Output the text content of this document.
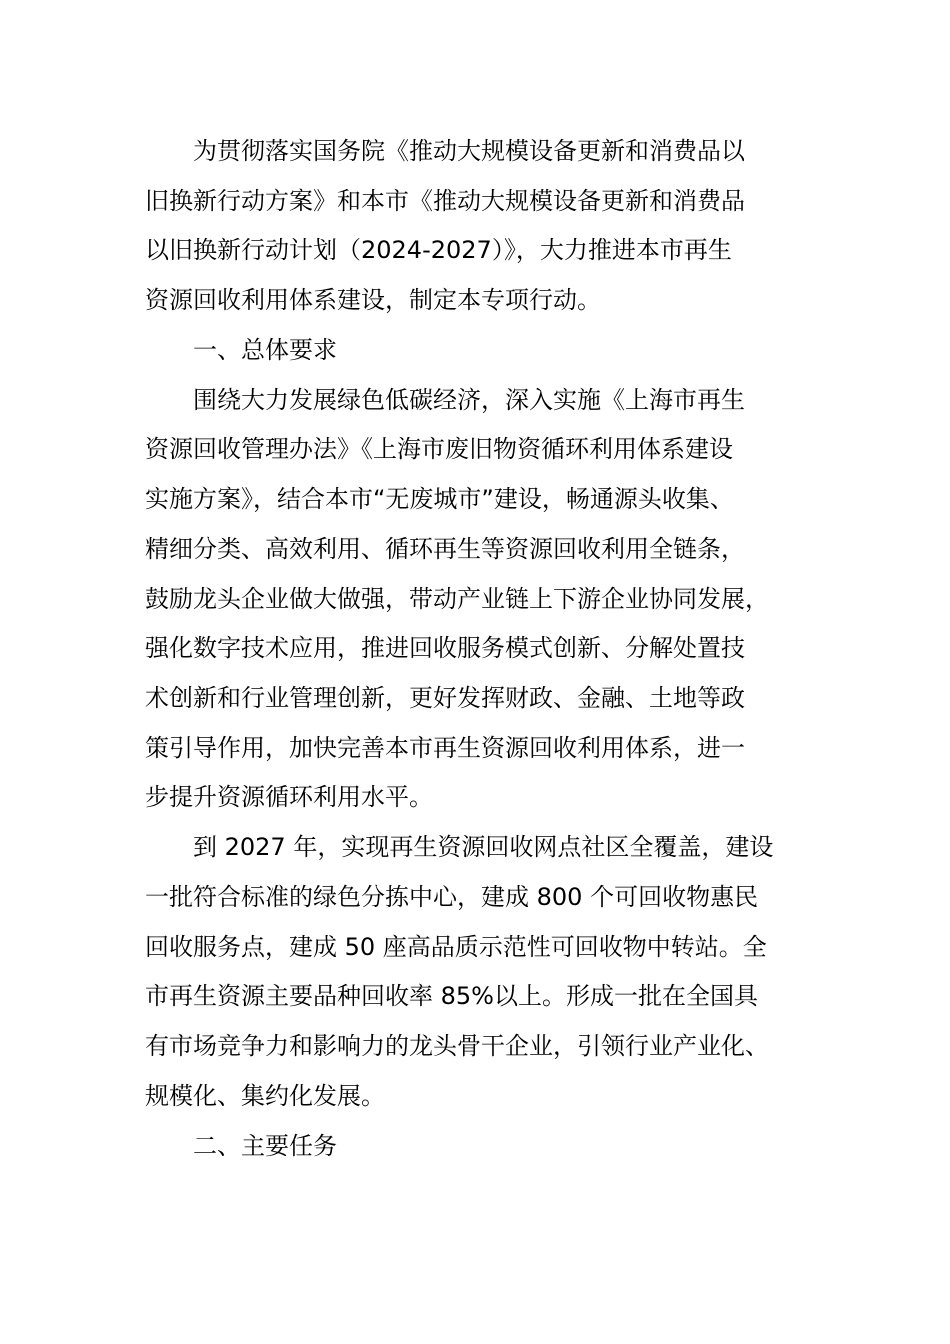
为贯彻落实国务院《推动大规模设备更新和消费品以
旧换新行动方案》和本市《推动大规模设备更新和消费品
以旧换新行动计划（2024-2027）》，大力推进本市再生
资源回收利用体系建设，制定本专项行动。
一、总体要求
围绕大力发展绿色低碳经济，深入实施《上海市再生
资源回收管理办法》《上海市废旧物资循环利用体系建设
实施方案》，结合本市“无废城市”建设，畅通源头收集、
精细分类、高效利用、循环再生等资源回收利用全链条，
鼓励龙头企业做大做强，带动产业链上下游企业协同发展，
强化数字技术应用，推进回收服务模式创新、分解处置技
术创新和行业管理创新，更好发挥财政、金融、土地等政
策引导作用，加快完善本市再生资源回收利用体系，进一
步提升资源循环利用水平。
到 2027 年，实现再生资源回收网点社区全覆盖，建设
一批符合标准的绿色分拣中心，建成 800 个可回收物惠民
回收服务点，建成 50 座高品质示范性可回收物中转站。全
市再生资源主要品种回收率 85%以上。形成一批在全国具
有市场竞争力和影响力的龙头骨干企业，引领行业产业化、
规模化、集约化发展。
二、主要任务
